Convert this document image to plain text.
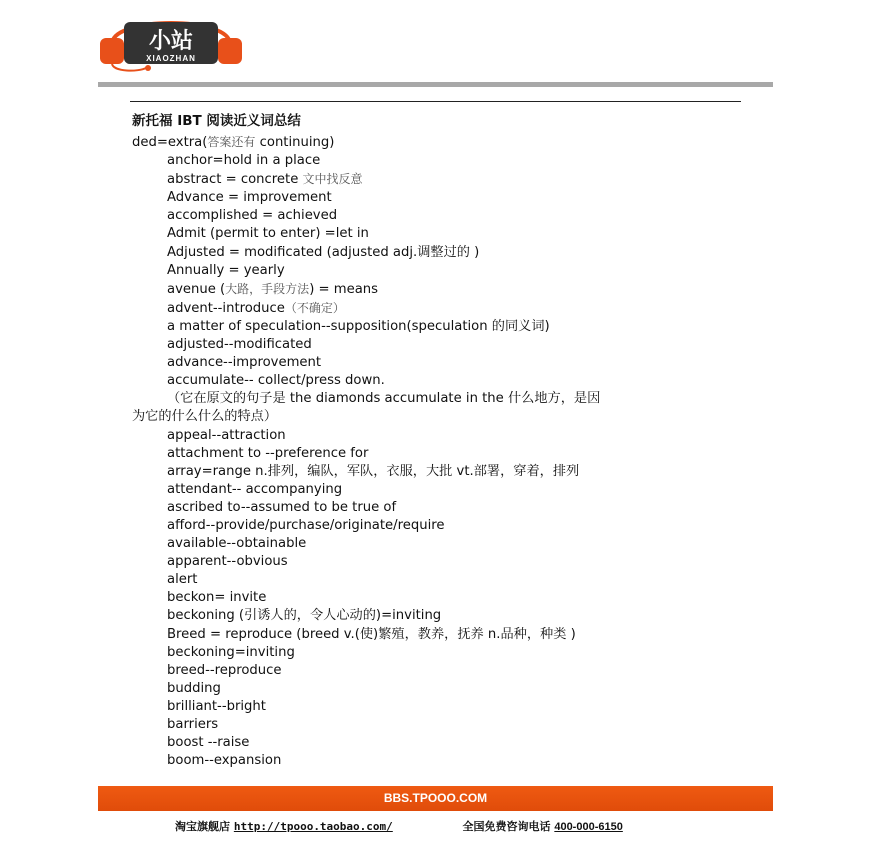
小站
XIAOZHAN
新托福 IBT 阅读近义词总结
ded=extra(答案还有 continuing)
anchor=hold in a place
abstract = concrete 文中找反意
Advance = improvement
accomplished = achieved
Admit (permit to enter) =let in
Adjusted = modificated (adjusted adj.调整过的 )
Annually = yearly
avenue (大路，手段方法) = means
advent--introduce（不确定）
a matter of speculation--supposition(speculation 的同义词)
adjusted--modificated
advance--improvement
accumulate-- collect/press down.
（它在原文的句子是 the diamonds accumulate in the 什么地方，是因
为它的什么什么的特点）
appeal--attraction
attachment to --preference for
array=range n.排列，编队，军队，衣服，大批 vt.部署，穿着，排列
attendant-- accompanying
ascribed to--assumed to be true of
afford--provide/purchase/originate/require
available--obtainable
apparent--obvious
alert
beckon= invite
beckoning (引诱人的，令人心动的)=inviting
Breed = reproduce (breed v.(使)繁殖，教养，抚养 n.品种，种类 )
beckoning=inviting
breed--reproduce
budding
brilliant--bright
barriers
boost --raise
boom--expansion
BBS.TPOOO.COM
淘宝旗舰店 http://tpooo.taobao.com/	全国免费咨询电话 400-000-6150
